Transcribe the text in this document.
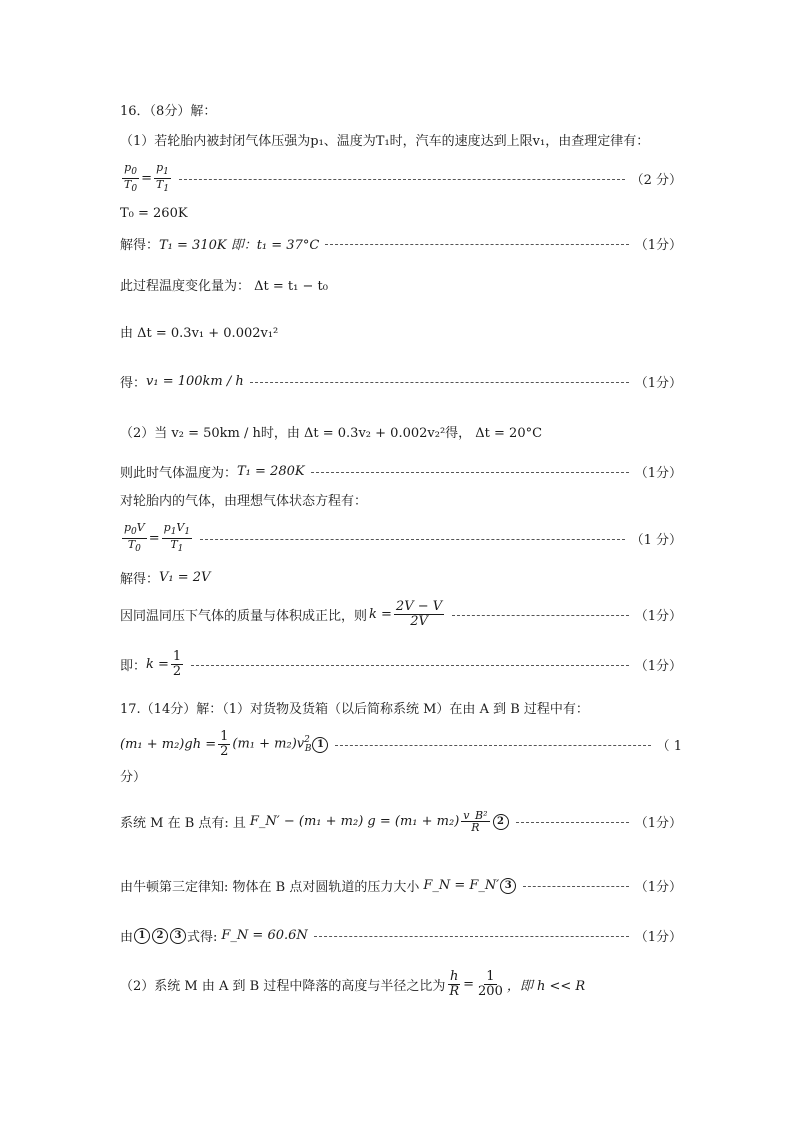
16．（8分）解：
（1）若轮胎内被封闭气体压强为p₁、温度为T₁时，汽车的速度达到上限v₁，由查理定律有：
$\frac{p_0}{T_0} = \frac{p_1}{T_1}$	（2 分）
T₀ = 260K
解得： T₁ = 310K 即：t₁ = 37°C	（1分）
此过程温度变化量为： Δt = t₁ − t₀
由 Δt = 0.3v₁ + 0.002v₁²
得： v₁ = 100km / h	（1分）
（2）当 v₂ = 50km / h时，由 Δt = 0.3v₂ + 0.002v₂²得， Δt = 20°C
则此时气体温度为： T₁ = 280K	（1分）
对轮胎内的气体，由理想气体状态方程有：
$\frac{p_0V}{T_0} = \frac{p_1V_1}{T_1}$	（1 分）
解得： V₁ = 2V
因同温同压下气体的质量与体积成正比，则 $k = \frac{2V - V}{2V}$	（1分）
即： $k = \frac{1}{2}$	（1分）
17.（14分）解：（1）对货物及货箱（以后简称系统 M）在由 A 到 B 过程中有：
$(m_1 + m_2)gh = \frac{1}{2} (m_1 + m_2)v^2_B$ 1	（ 1
分）
系统 M 在 B 点有: 且 F_N′ − (m₁ + m₂) $g = (m_1 + m_2) \frac{\text{v\_B²}}{R} 2$	（1分）
由牛顿第三定律知: 物体在 B 点对圆轨道的压力大小 F_N = F_N′ 3	（1分）
由 1	2	3 式得: F_N = 60.6N	（1分）
（2）系统 M 由 A 到 B 过程中降落的高度与半径之比为 $\frac{h}{R} = \frac{1}{200}$ ，即 h << R
